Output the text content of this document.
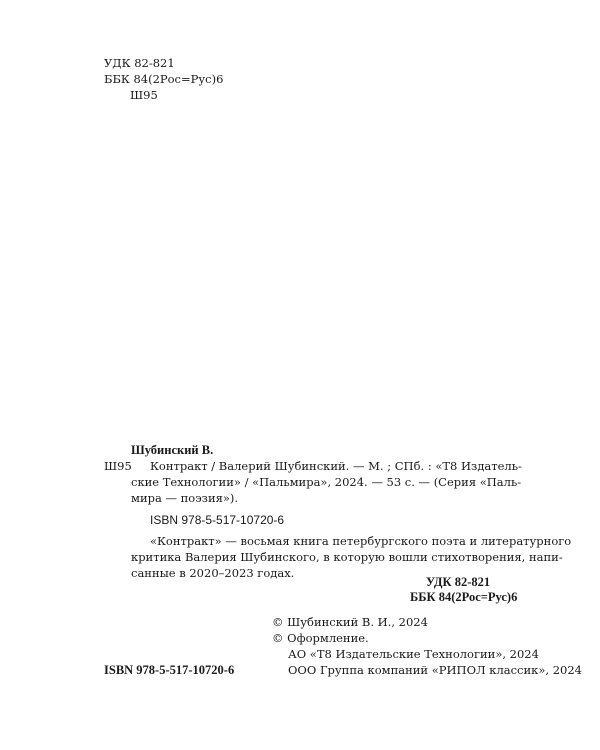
УДК 82-821
ББК 84(2Рос=Рус)6
Ш95
Шубинский В.
Ш95 Контракт / Валерий Шубинский. — М. ; СПб. : «Т8 Издатель-
ские Технологии» / «Пальмира», 2024. — 53 с. — (Серия «Паль-
мира — поэзия»).
ISBN 978-5-517-10720-6
«Контракт» — восьмая книга петербургского поэта и литературного
критика Валерия Шубинского, в которую вошли стихотворения, напи-
санные в 2020–2023 годах.
УДК 82-821
ББК 84(2Рос=Рус)6
© Шубинский В. И., 2024
© Оформление.
АО «Т8 Издательские Технологии», 2024
ООО Группа компаний «РИПОЛ классик», 2024
ISBN 978-5-517-10720-6
